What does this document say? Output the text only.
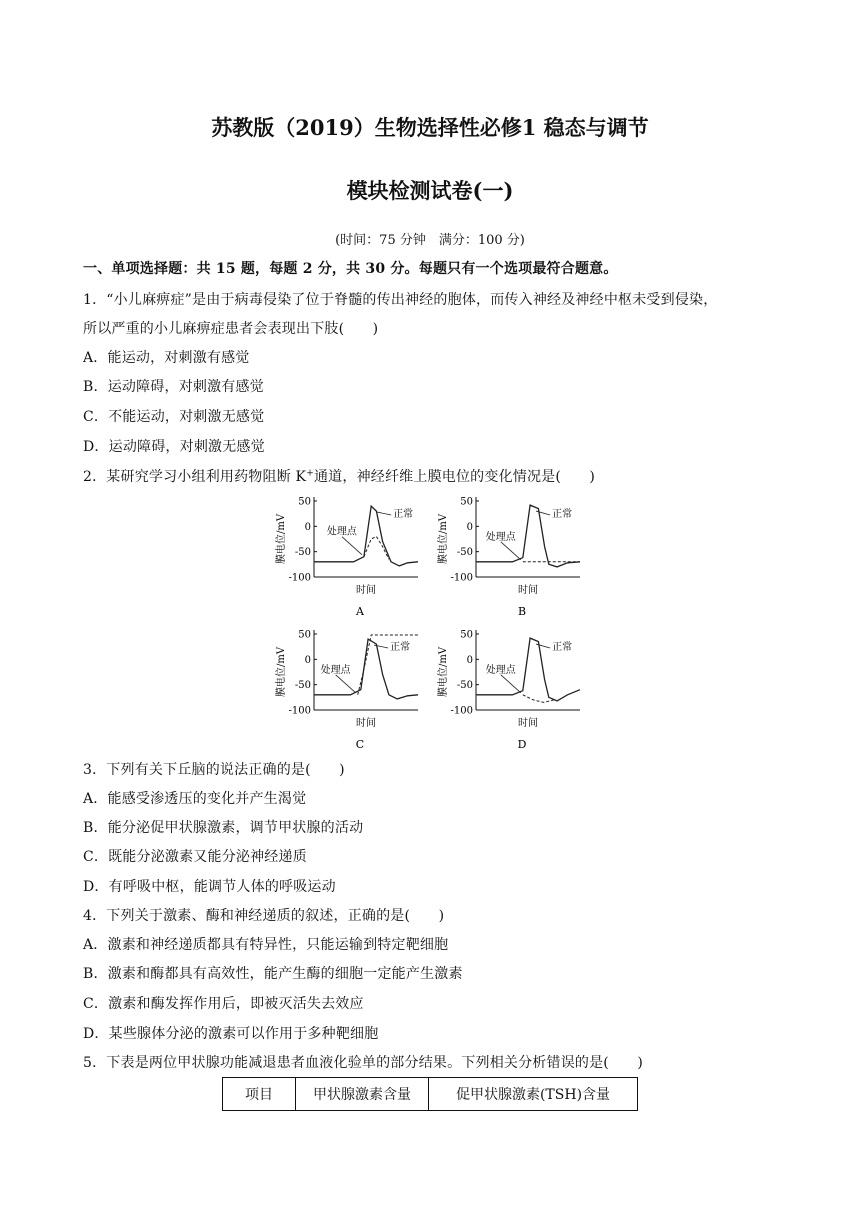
苏教版（2019）生物选择性必修1 稳态与调节
模块检测试卷(一)
(时间：75 分钟　满分：100 分)
一、单项选择题：共 15 题，每题 2 分，共 30 分。每题只有一个选项最符合题意。
1．“小儿麻痹症”是由于病毒侵染了位于脊髓的传出神经的胞体，而传入神经及神经中枢未受到侵染，
所以严重的小儿麻痹症患者会表现出下肢(　　)
A．能运动，对刺激有感觉
B．运动障碍，对刺激有感觉
C．不能运动，对刺激无感觉
D．运动障碍，对刺激无感觉
2．某研究学习小组利用药物阻断 K+通道，神经纤维上膜电位的变化情况是(　　)
50
0
-50
-100
膜电位/mV
时间
A
正常
处理点
50
0
-50
-100
膜电位/mV
时间
B
正常
处理点
50
0
-50
-100
膜电位/mV
时间
C
正常
处理点
50
0
-50
-100
膜电位/mV
时间
D
正常
处理点
3．下列有关下丘脑的说法正确的是(　　)
A．能感受渗透压的变化并产生渴觉
B．能分泌促甲状腺激素，调节甲状腺的活动
C．既能分泌激素又能分泌神经递质
D．有呼吸中枢，能调节人体的呼吸运动
4．下列关于激素、酶和神经递质的叙述，正确的是(　　)
A．激素和神经递质都具有特异性，只能运输到特定靶细胞
B．激素和酶都具有高效性，能产生酶的细胞一定能产生激素
C．激素和酶发挥作用后，即被灭活失去效应
D．某些腺体分泌的激素可以作用于多种靶细胞
5．下表是两位甲状腺功能减退患者血液化验单的部分结果。下列相关分析错误的是(　　)
项目	甲状腺激素含量	促甲状腺激素(TSH)含量
